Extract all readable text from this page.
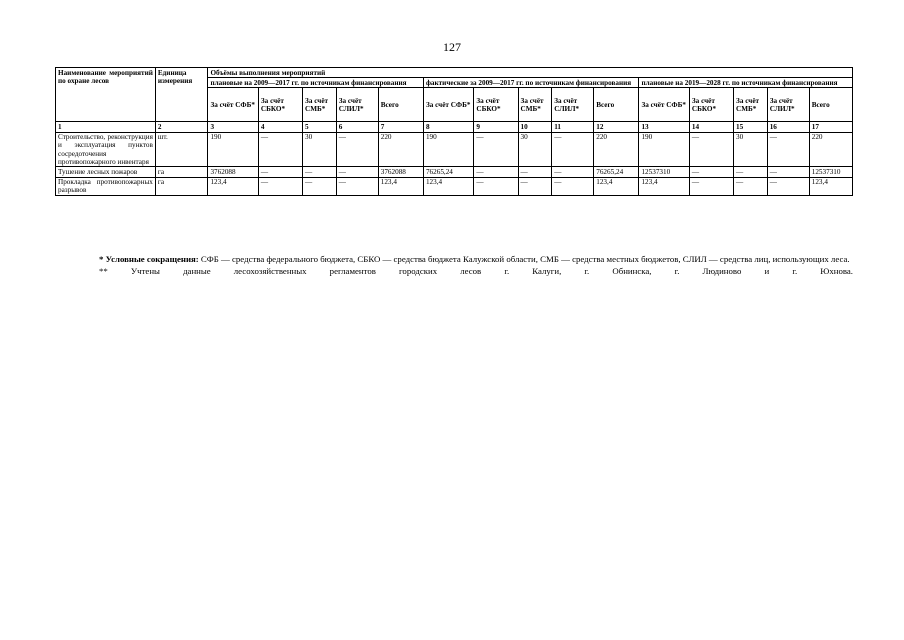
127
Наименование мероприятий по охране лесов	Единица измерения	Объёмы выполнения мероприятий														
		плановые на 2009—2017 гг. по источникам финансирования					фактические за 2009—2017 гг. по источникам финансирования					плановые на 2019—2028 гг. по источникам финансирования				
		За счёт СФБ*	За счёт СБКО*	За счёт СМБ*	За счёт СЛИЛ*	Всего	За счёт СФБ*	За счёт СБКО*	За счёт СМБ*	За счёт СЛИЛ*	Всего	За счёт СФБ*	За счёт СБКО*	За счёт СМБ*	За счёт СЛИЛ*	Всего
1	2	3	4	5	6	7	8	9	10	11	12	13	14	15	16	17
Строительство, реконструкция и эксплуатация пунктов сосредоточения противопожарного инвентаря	шт.	190	—	30	—	220	190	—	30	—	220	190	—	30	—	220
Тушение лесных пожаров	га	3762088	—	—	—	3762088	76265,24	—	—	—	76265,24	12537310	—	—	—	12537310
Прокладка противопожарных разрывов	га	123,4	—	—	—	123,4	123,4	—	—	—	123,4	123,4	—	—	—	123,4

* Условные сокращения: СФБ — средства федерального бюджета, СБКО — средства бюджета Калужской области, СМБ — средства местных бюджетов, СЛИЛ — средства лиц, использующих леса.

** Учтены данные лесохозяйственных регламентов городских лесов г. Калуги, г. Обнинска, г. Людиново и г. Юхнова.
